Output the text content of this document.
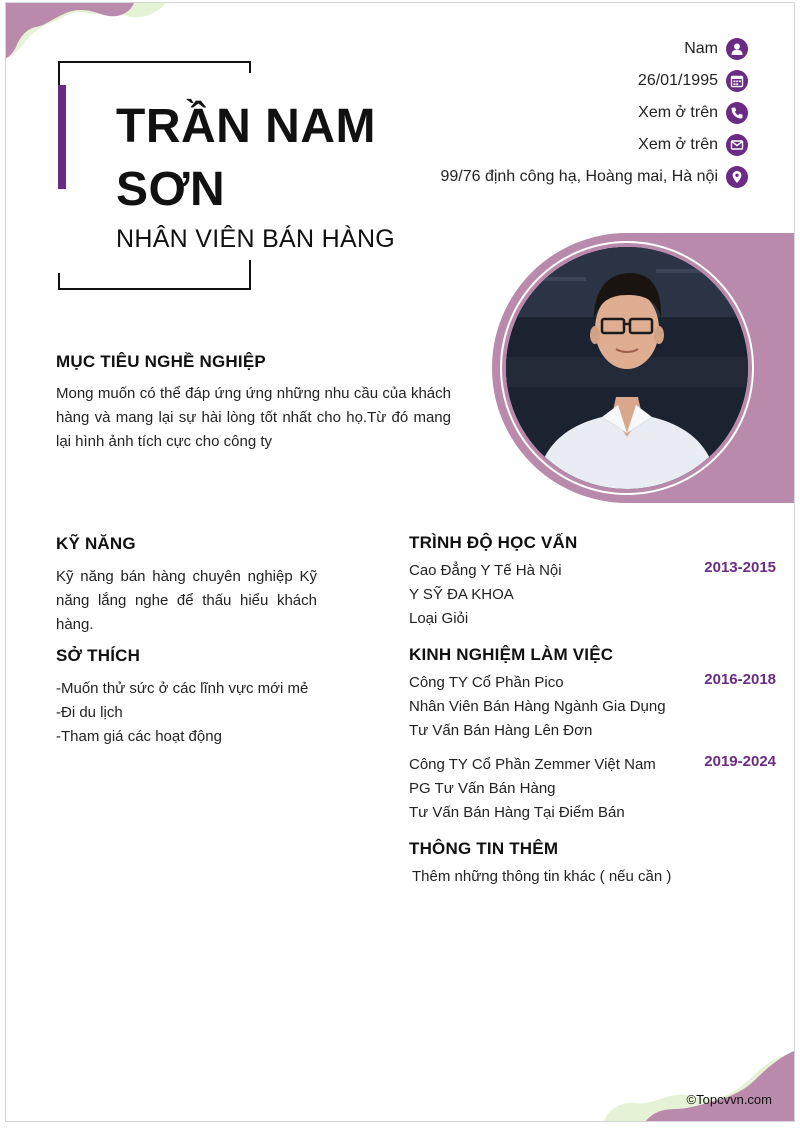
TRẦN NAM SƠN
NHÂN VIÊN BÁN HÀNG
Nam
26/01/1995
Xem ở trên
Xem ở trên
99/76 định công hạ, Hoàng mai, Hà nội
MỤC TIÊU NGHỀ NGHIỆP
Mong muốn có thể đáp ứng ứng những nhu cầu của khách hàng và mang lại sự hài lòng tốt nhất cho họ.Từ đó mang lại hình ảnh tích cực cho công ty
KỸ NĂNG
Kỹ năng bán hàng chuyên nghiệp Kỹ năng lắng nghe để thấu hiểu khách hàng.
SỞ THÍCH
-Muốn thử sức ở các lĩnh vực mới mẻ
-Đi du lịch
-Tham giá các hoạt động
TRÌNH ĐỘ HỌC VẤN
Cao Đẳng Y Tế Hà Nội	2013-2015
Y SỸ ĐA KHOA
Loại Giỏi
KINH NGHIỆM LÀM VIỆC
Công TY Cổ Phần Pico	2016-2018
Nhân Viên Bán Hàng Ngành Gia Dụng
Tư Vấn Bán Hàng Lên Đơn
Công TY Cổ Phần Zemmer Việt Nam	2019-2024
PG Tư Vấn Bán Hàng
Tư Vấn Bán Hàng Tại Điểm Bán
THÔNG TIN THÊM
Thêm những thông tin khác ( nếu cần )
©Topcvvn.com
